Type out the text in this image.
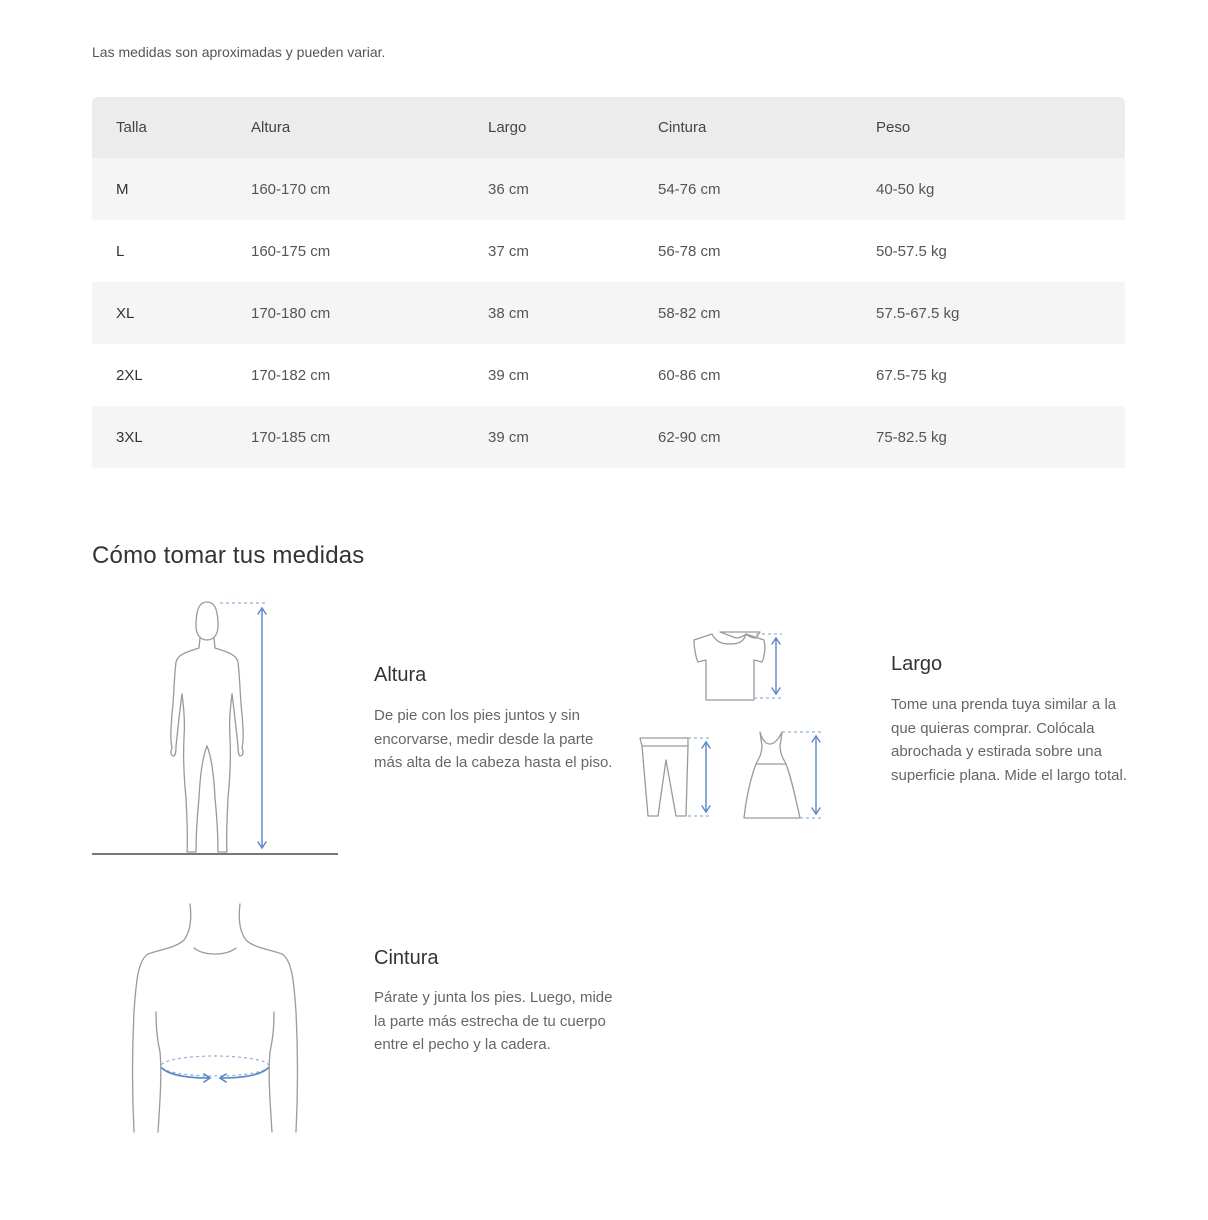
Las medidas son aproximadas y pueden variar.
Talla	Altura	Largo	Cintura	Peso
M	160-170 cm	36 cm	54-76 cm	40-50 kg
L	160-175 cm	37 cm	56-78 cm	50-57.5 kg
XL	170-180 cm	38 cm	58-82 cm	57.5-67.5 kg
2XL	170-182 cm	39 cm	60-86 cm	67.5-75 kg
3XL	170-185 cm	39 cm	62-90 cm	75-82.5 kg
Cómo tomar tus medidas
Altura

De pie con los pies juntos y sin encorvarse, medir desde la parte más alta de la cabeza hasta el piso.

Largo

Tome una prenda tuya similar a la que quieras comprar. Colócala abrochada y estirada sobre una superficie plana. Mide el largo total.

Cintura

Párate y junta los pies. Luego, mide la parte más estrecha de tu cuerpo entre el pecho y la cadera.
